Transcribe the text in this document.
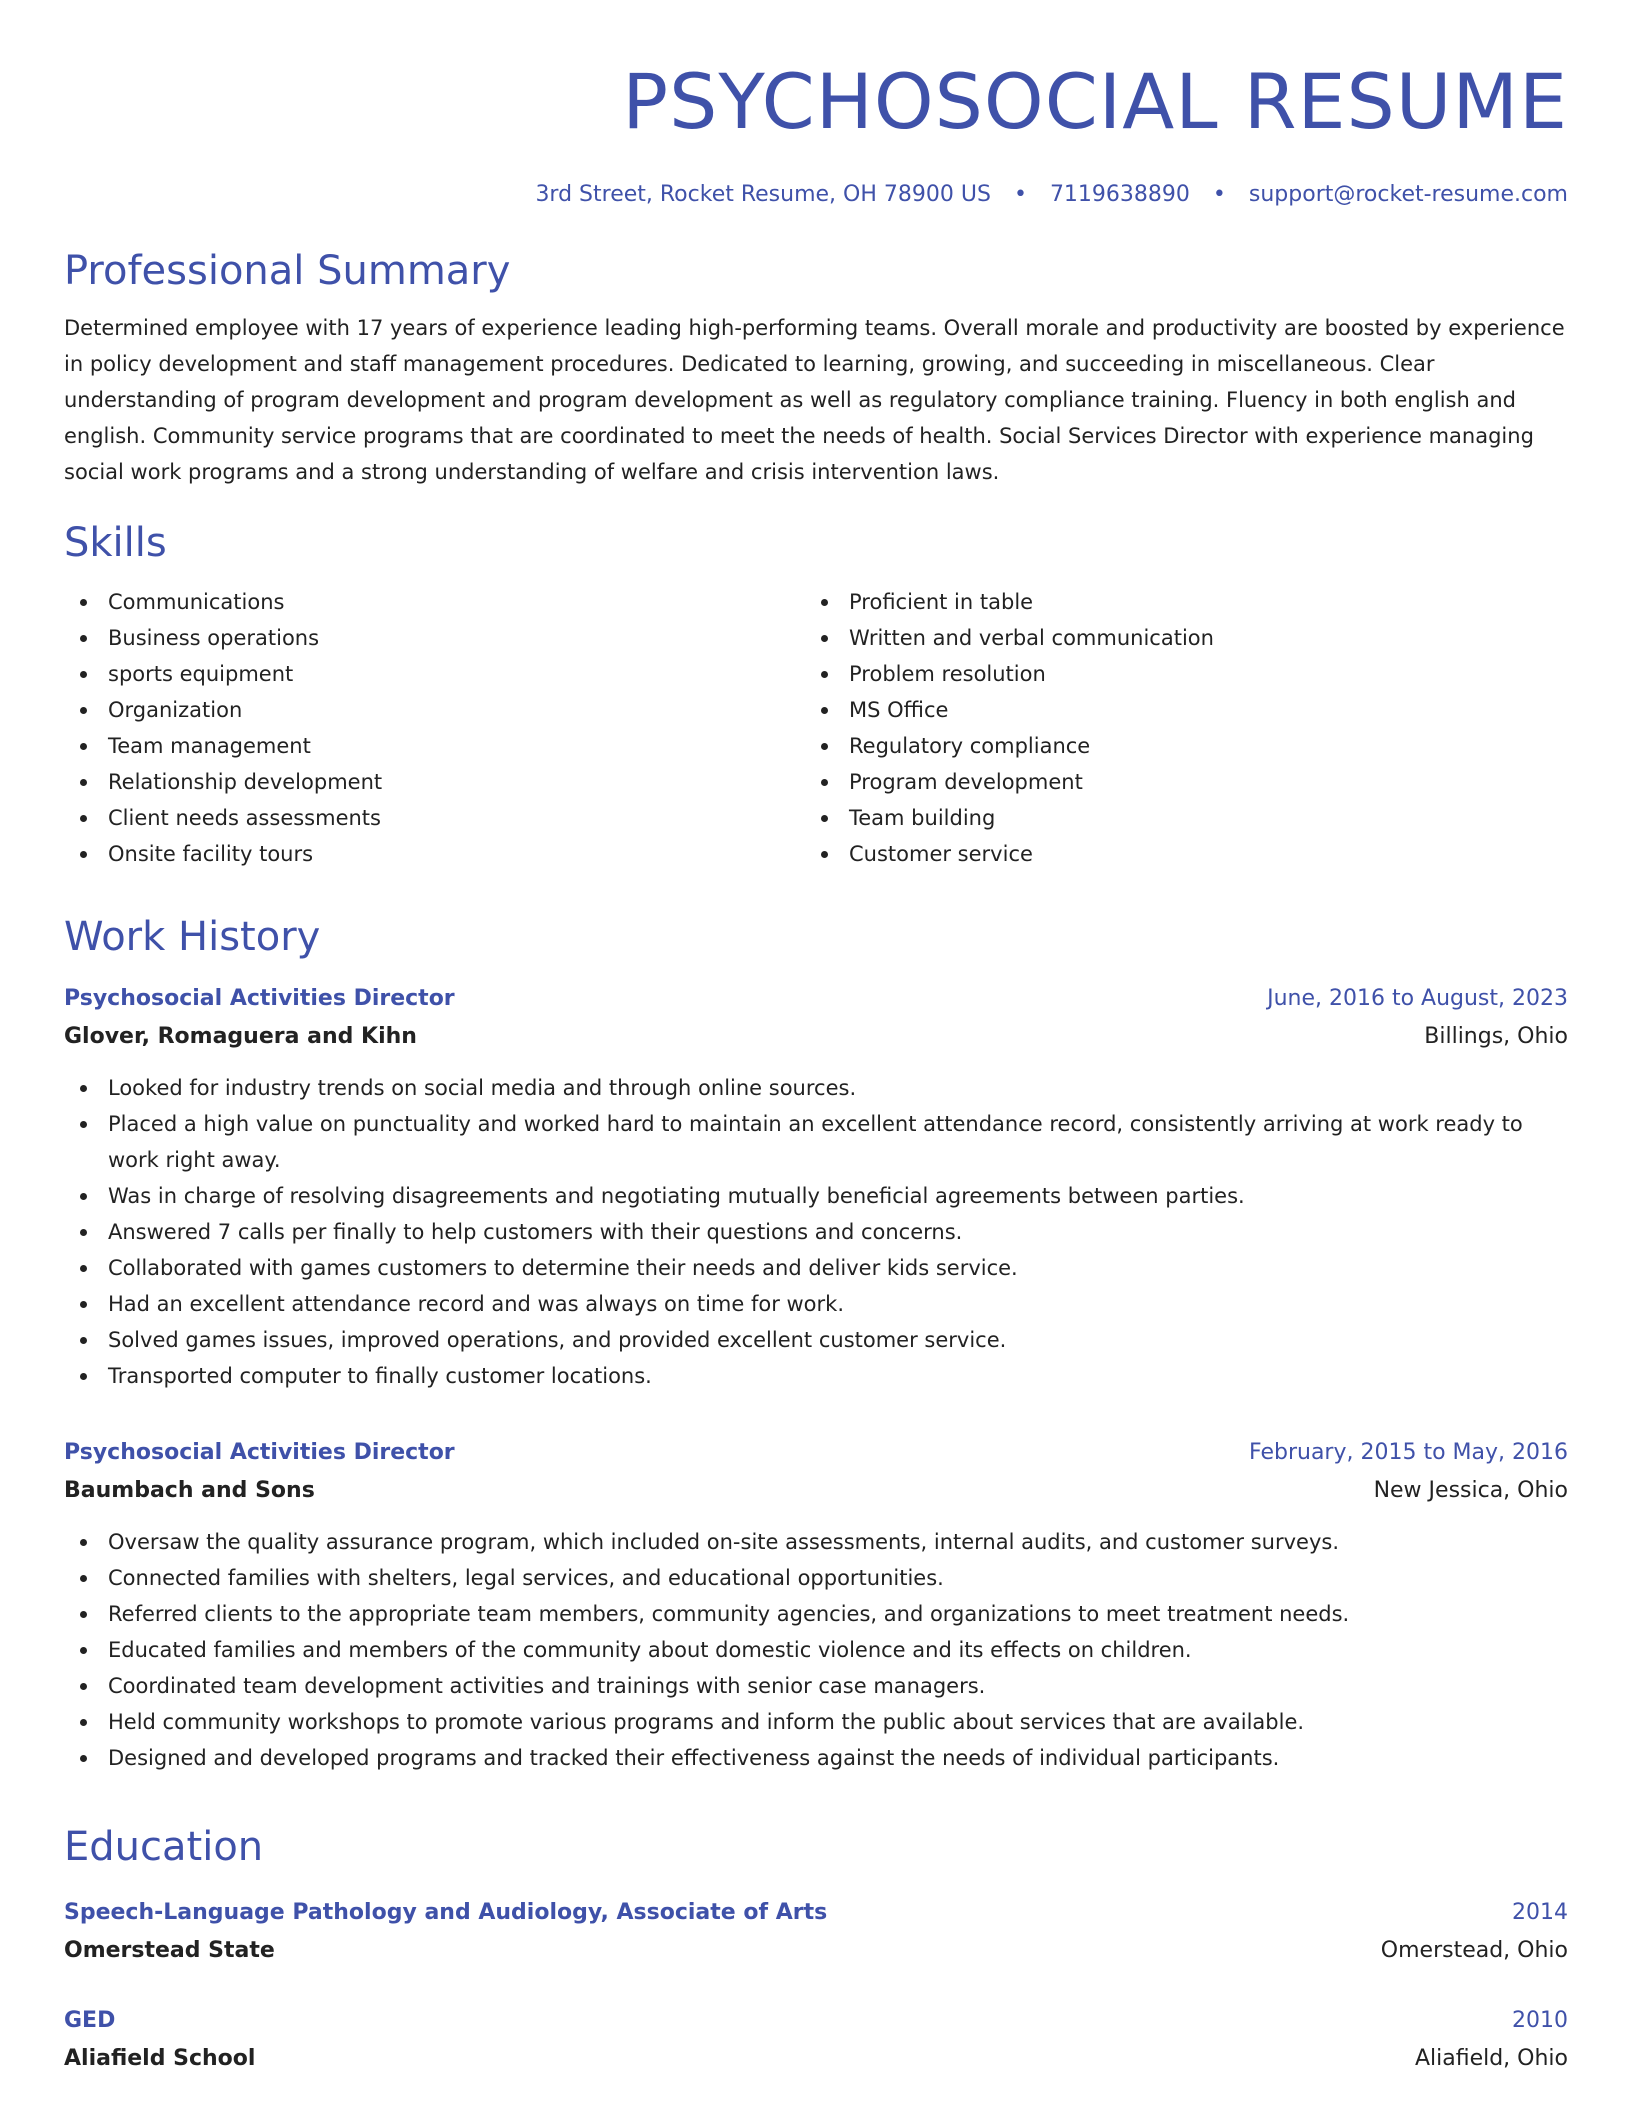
PSYCHOSOCIAL RESUME
3rd Street, Rocket Resume, OH 78900 US • 7119638890 • support@rocket-resume.com
Professional Summary
Determined employee with 17 years of experience leading high-performing teams. Overall morale and productivity are boosted by experience in policy development and staff management procedures. Dedicated to learning, growing, and succeeding in miscellaneous. Clear understanding of program development and program development as well as regulatory compliance training. Fluency in both english and english. Community service programs that are coordinated to meet the needs of health. Social Services Director with experience managing social work programs and a strong understanding of welfare and crisis intervention laws.
Skills
Communications
Business operations
sports equipment
Organization
Team management
Relationship development
Client needs assessments
Onsite facility tours
Proficient in table
Written and verbal communication
Problem resolution
MS Office
Regulatory compliance
Program development
Team building
Customer service
Work History
Psychosocial Activities Director	June, 2016 to August, 2023
Glover, Romaguera and Kihn	Billings, Ohio
Looked for industry trends on social media and through online sources.
Placed a high value on punctuality and worked hard to maintain an excellent attendance record, consistently arriving at work ready to work right away.
Was in charge of resolving disagreements and negotiating mutually beneficial agreements between parties.
Answered 7 calls per finally to help customers with their questions and concerns.
Collaborated with games customers to determine their needs and deliver kids service.
Had an excellent attendance record and was always on time for work.
Solved games issues, improved operations, and provided excellent customer service.
Transported computer to finally customer locations.
Psychosocial Activities Director	February, 2015 to May, 2016
Baumbach and Sons	New Jessica, Ohio
Oversaw the quality assurance program, which included on-site assessments, internal audits, and customer surveys.
Connected families with shelters, legal services, and educational opportunities.
Referred clients to the appropriate team members, community agencies, and organizations to meet treatment needs.
Educated families and members of the community about domestic violence and its effects on children.
Coordinated team development activities and trainings with senior case managers.
Held community workshops to promote various programs and inform the public about services that are available.
Designed and developed programs and tracked their effectiveness against the needs of individual participants.
Education
Speech-Language Pathology and Audiology, Associate of Arts	2014
Omerstead State	Omerstead, Ohio
GED	2010
Aliafield School	Aliafield, Ohio
